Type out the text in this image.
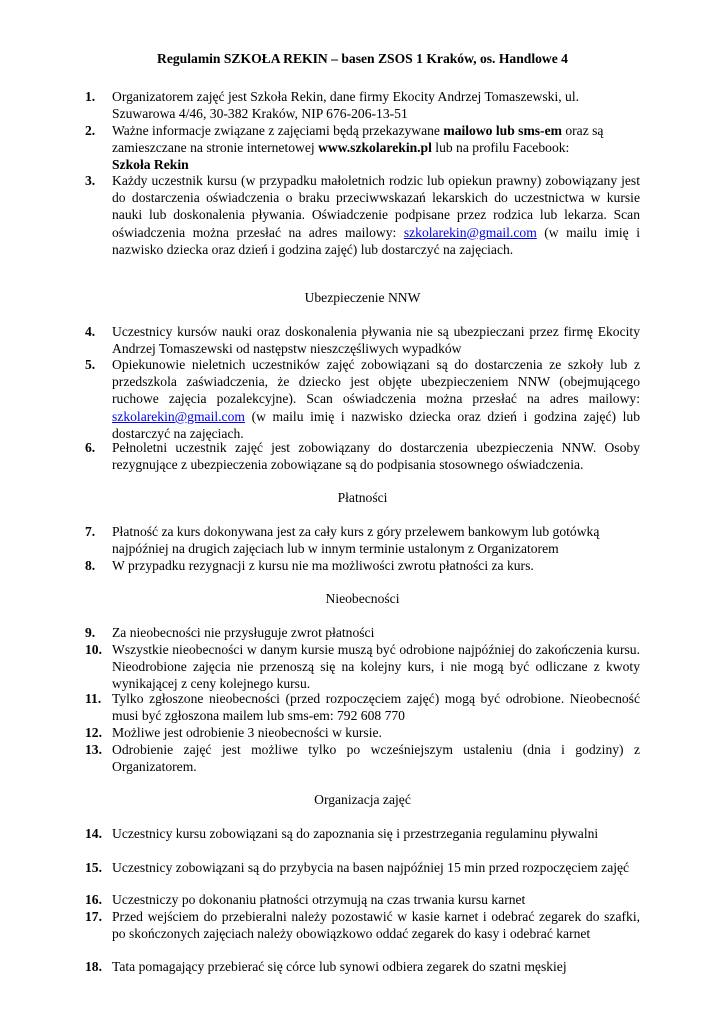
Regulamin SZKOŁA REKIN – basen ZSOS 1 Kraków, os. Handlowe 4
1.	Organizatorem zajęć jest Szkoła Rekin, dane firmy Ekocity Andrzej Tomaszewski, ul. Szuwarowa 4/46, 30-382 Kraków, NIP 676-206-13-51
2.	Ważne informacje związane z zajęciami będą przekazywane mailowo lub sms-em oraz są zamieszczane na stronie internetowej www.szkolarekin.pl lub na profilu Facebook:
Szkoła Rekin
3.	Każdy uczestnik kursu (w przypadku małoletnich rodzic lub opiekun prawny) zobowiązany jest do dostarczenia oświadczenia o braku przeciwwskazań lekarskich do uczestnictwa w kursie nauki lub doskonalenia pływania. Oświadczenie podpisane przez rodzica lub lekarza. Scan oświadczenia można przesłać na adres mailowy: szkolarekin@gmail.com (w mailu imię i nazwisko dziecka oraz dzień i godzina zajęć) lub dostarczyć na zajęciach.

Ubezpieczenie NNW

4.	Uczestnicy kursów nauki oraz doskonalenia pływania nie są ubezpieczani przez firmę Ekocity Andrzej Tomaszewski od następstw nieszczęśliwych wypadków
5.	Opiekunowie nieletnich uczestników zajęć zobowiązani są do dostarczenia ze szkoły lub z przedszkola zaświadczenia, że dziecko jest objęte ubezpieczeniem NNW (obejmującego ruchowe zajęcia pozalekcyjne). Scan oświadczenia można przesłać na adres mailowy: szkolarekin@gmail.com (w mailu imię i nazwisko dziecka oraz dzień i godzina zajęć) lub dostarczyć na zajęciach.
6.	Pełnoletni uczestnik zajęć jest zobowiązany do dostarczenia ubezpieczenia NNW. Osoby rezygnujące z ubezpieczenia zobowiązane są do podpisania stosownego oświadczenia.

Płatności

7.	Płatność za kurs dokonywana jest za cały kurs z góry przelewem bankowym lub gotówką najpóźniej na drugich zajęciach lub w innym terminie ustalonym z Organizatorem
8.	W przypadku rezygnacji z kursu nie ma możliwości zwrotu płatności za kurs.

Nieobecności

9.	Za nieobecności nie przysługuje zwrot płatności
10. Wszystkie nieobecności w danym kursie muszą być odrobione najpóźniej do zakończenia kursu. Nieodrobione zajęcia nie przenoszą się na kolejny kurs, i nie mogą być odliczane z kwoty wynikającej z ceny kolejnego kursu.
11. Tylko zgłoszone nieobecności (przed rozpoczęciem zajęć) mogą być odrobione. Nieobecność musi być zgłoszona mailem lub sms-em: 792 608 770
12. Możliwe jest odrobienie 3 nieobecności w kursie.
13. Odrobienie zajęć jest możliwe tylko po wcześniejszym ustaleniu (dnia i godziny) z Organizatorem.

Organizacja zajęć

14. Uczestnicy kursu zobowiązani są do zapoznania się i przestrzegania regulaminu pływalni
15. Uczestnicy zobowiązani są do przybycia na basen najpóźniej 15 min przed rozpoczęciem zajęć
16. Uczestniczy po dokonaniu płatności otrzymują na czas trwania kursu karnet
17. Przed wejściem do przebieralni należy pozostawić w kasie karnet i odebrać zegarek do szafki, po skończonych zajęciach należy obowiązkowo oddać zegarek do kasy i odebrać karnet
18. Tata pomagający przebierać się córce lub synowi odbiera zegarek do szatni męskiej
